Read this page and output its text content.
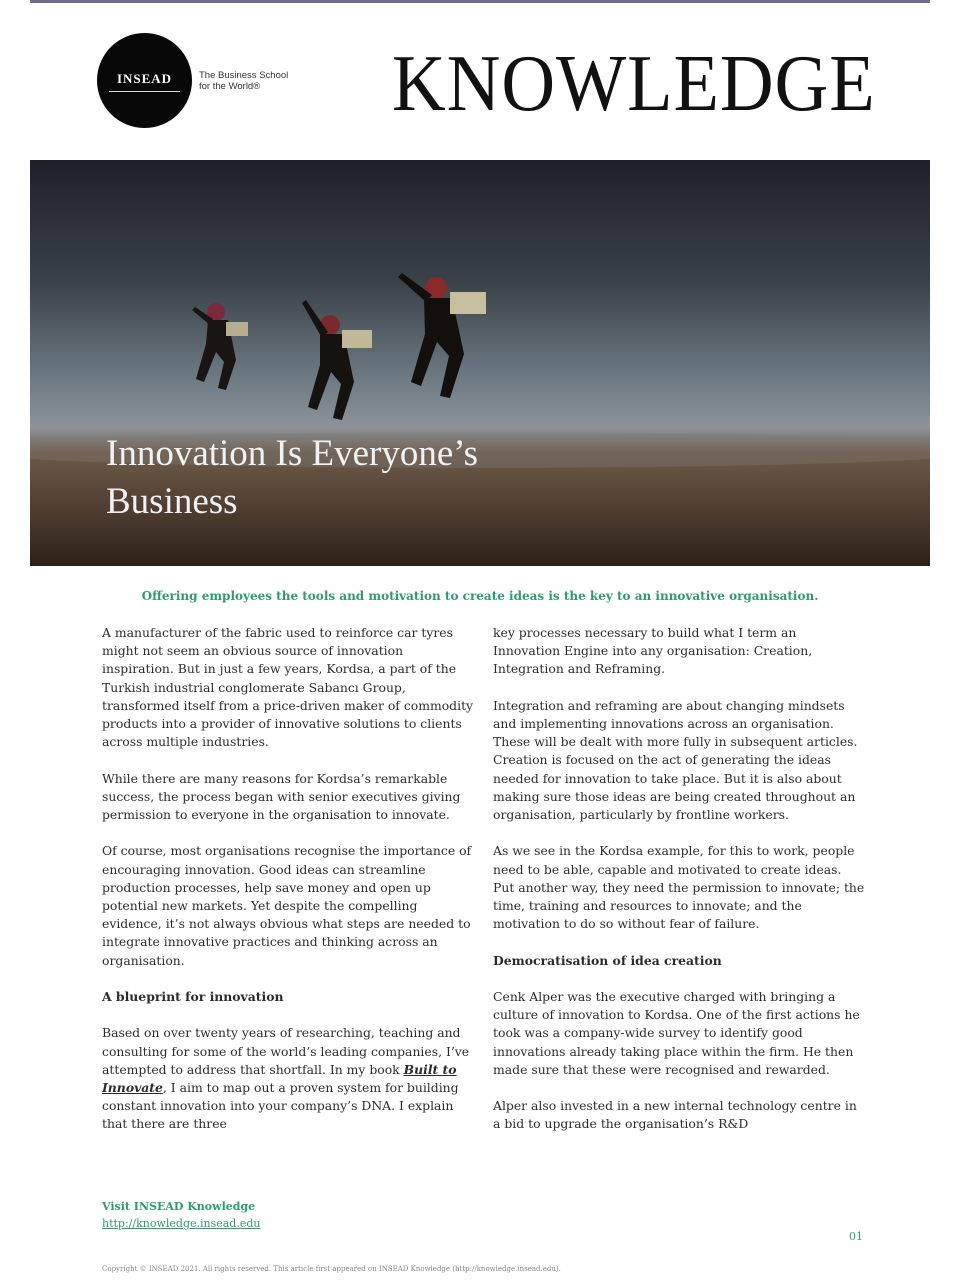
INSEAD	The Business School
for the World®	KNOWLEDGE
Innovation Is Everyone’s
Business
Offering employees the tools and motivation to create ideas is the key to an innovative organisation.

A manufacturer of the fabric used to reinforce car tyres might not seem an obvious source of innovation inspiration. But in just a few years, Kordsa, a part of the Turkish industrial conglomerate Sabancı Group, transformed itself from a price-driven maker of commodity products into a provider of innovative solutions to clients across multiple industries.

While there are many reasons for Kordsa’s remarkable success, the process began with senior executives giving permission to everyone in the organisation to innovate.

Of course, most organisations recognise the importance of encouraging innovation. Good ideas can streamline production processes, help save money and open up potential new markets. Yet despite the compelling evidence, it’s not always obvious what steps are needed to integrate innovative practices and thinking across an organisation.

A blueprint for innovation

Based on over twenty years of researching, teaching and consulting for some of the world’s leading companies, I’ve attempted to address that shortfall. In my book Built to Innovate, I aim to map out a proven system for building constant innovation into your company’s DNA. I explain that there are three

key processes necessary to build what I term an Innovation Engine into any organisation: Creation, Integration and Reframing.

Integration and reframing are about changing mindsets and implementing innovations across an organisation. These will be dealt with more fully in subsequent articles. Creation is focused on the act of generating the ideas needed for innovation to take place. But it is also about making sure those ideas are being created throughout an organisation, particularly by frontline workers.

As we see in the Kordsa example, for this to work, people need to be able, capable and motivated to create ideas. Put another way, they need the permission to innovate; the time, training and resources to innovate; and the motivation to do so without fear of failure.

Democratisation of idea creation

Cenk Alper was the executive charged with bringing a culture of innovation to Kordsa. One of the first actions he took was a company-wide survey to identify good innovations already taking place within the firm. He then made sure that these were recognised and rewarded.

Alper also invested in a new internal technology centre in a bid to upgrade the organisation’s R&D

Visit INSEAD Knowledge
http://knowledge.insead.edu
01
Copyright © INSEAD 2021. All rights reserved. This article first appeared on INSEAD Knowledge (http://knowledge.insead.edu).
